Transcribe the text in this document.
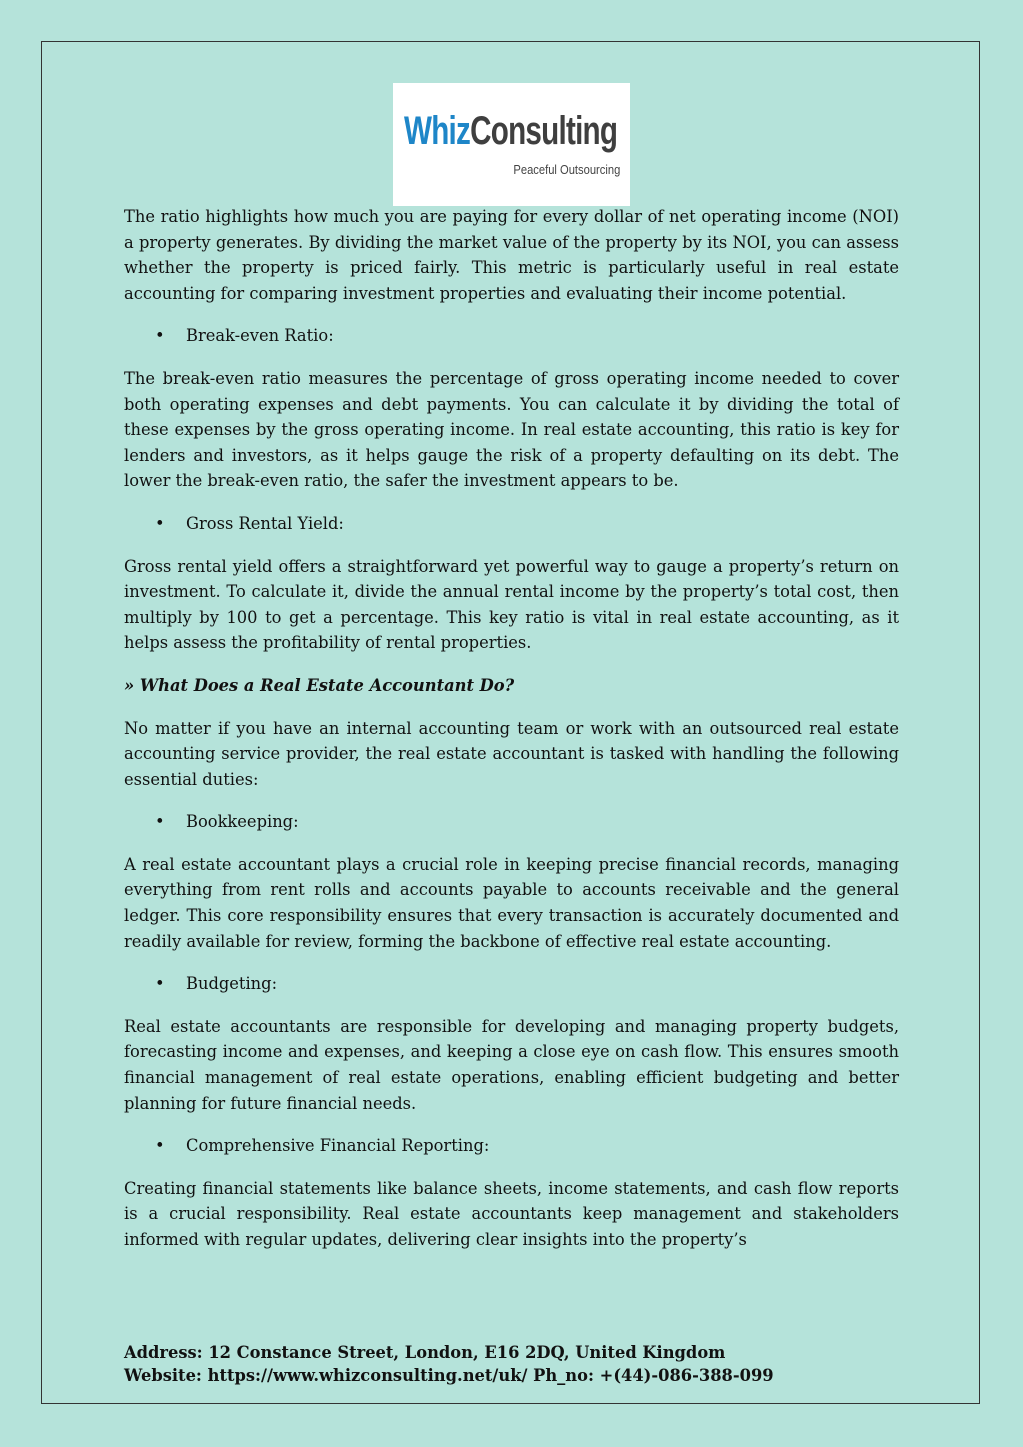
WhizConsulting
Peaceful Outsourcing

The ratio highlights how much you are paying for every dollar of net operating income (NOI) a property generates. By dividing the market value of the property by its NOI, you can assess whether the property is priced fairly. This metric is particularly useful in real estate accounting for comparing investment properties and evaluating their income potential.

• Break-even Ratio:

The break-even ratio measures the percentage of gross operating income needed to cover both operating expenses and debt payments. You can calculate it by dividing the total of these expenses by the gross operating income. In real estate accounting, this ratio is key for lenders and investors, as it helps gauge the risk of a property defaulting on its debt. The lower the break-even ratio, the safer the investment appears to be.

• Gross Rental Yield:

Gross rental yield offers a straightforward yet powerful way to gauge a property’s return on investment. To calculate it, divide the annual rental income by the property’s total cost, then multiply by 100 to get a percentage. This key ratio is vital in real estate accounting, as it helps assess the profitability of rental properties.

» What Does a Real Estate Accountant Do?

No matter if you have an internal accounting team or work with an outsourced real estate accounting service provider, the real estate accountant is tasked with handling the following essential duties:

• Bookkeeping:

A real estate accountant plays a crucial role in keeping precise financial records, managing everything from rent rolls and accounts payable to accounts receivable and the general ledger. This core responsibility ensures that every transaction is accurately documented and readily available for review, forming the backbone of effective real estate accounting.

• Budgeting:

Real estate accountants are responsible for developing and managing property budgets, forecasting income and expenses, and keeping a close eye on cash flow. This ensures smooth financial management of real estate operations, enabling efficient budgeting and better planning for future financial needs.

• Comprehensive Financial Reporting:

Creating financial statements like balance sheets, income statements, and cash flow reports is a crucial responsibility. Real estate accountants keep management and stakeholders informed with regular updates, delivering clear insights into the property’s

Address: 12 Constance Street, London, E16 2DQ, United Kingdom
Website: https://www.whizconsulting.net/uk/ Ph_no: +(44)-086-388-099
